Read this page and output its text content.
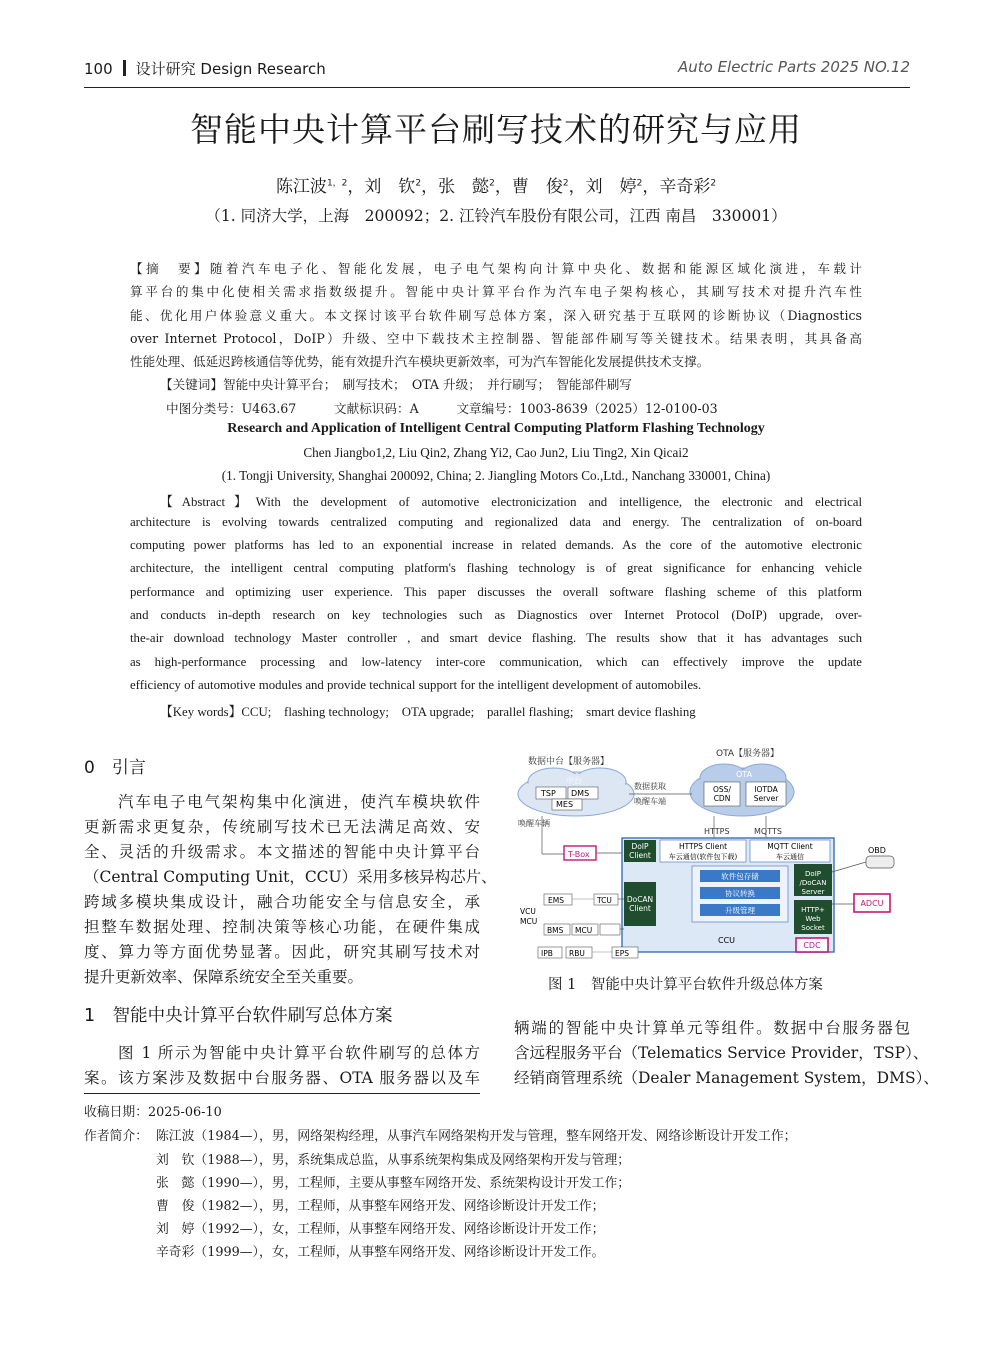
100 设计研究 Design Research	Auto Electric Parts 2025 NO.12
智能中央计算平台刷写技术的研究与应用
陈江波$^{1,2}$，刘　钦$^2$，张　懿$^2$，曹　俊$^2$，刘　婷$^2$，辛奇彩$^2$
（1. 同济大学，上海　200092；2. 江铃汽车股份有限公司，江西 南昌　330001）
【摘　要】随着汽车电子化、智能化发展，电子电气架构向计算中央化、数据和能源区域化演进，车载计
算平台的集中化使相关需求指数级提升。智能中央计算平台作为汽车电子架构核心，其刷写技术对提升汽车性
能、优化用户体验意义重大。本文探讨该平台软件刷写总体方案，深入研究基于互联网的诊断协议（Diagnostics
over Internet Protocol，DoIP）升级、空中下载技术主控制器、智能部件刷写等关键技术。结果表明，其具备高
性能处理、低延迟跨核通信等优势，能有效提升汽车模块更新效率，可为汽车智能化发展提供技术支撑。
【关键词】智能中央计算平台；　刷写技术；　OTA 升级；　并行刷写；　智能部件刷写
中图分类号：U463.67　　　文献标识码：A　　　文章编号：1003-8639（2025）12-0100-03
Research and Application of Intelligent Central Computing Platform Flashing Technology
Chen Jiangbo1,2, Liu Qin2, Zhang Yi2, Cao Jun2, Liu Ting2, Xin Qicai2
(1. Tongji University, Shanghai 200092, China; 2. Jiangling Motors Co.,Ltd., Nanchang 330001, China)
【Abstract】With the development of automotive electronicization and intelligence, the electronic and electrical
architecture is evolving towards centralized computing and regionalized data and energy. The centralization of on-board
computing power platforms has led to an exponential increase in related demands. As the core of the automotive electronic
architecture, the intelligent central computing platform's flashing technology is of great significance for enhancing vehicle
performance and optimizing user experience. This paper discusses the overall software flashing scheme of this platform
and conducts in-depth research on key technologies such as Diagnostics over Internet Protocol (DoIP) upgrade, over-
the-air download technology Master controller , and smart device flashing. The results show that it has advantages such
as high-performance processing and low-latency inter-core communication, which can effectively improve the update
efficiency of automotive modules and provide technical support for the intelligent development of automobiles.
【Key words】CCU;　flashing technology;　OTA upgrade;　parallel flashing;　smart device flashing
0　引言
汽车电子电气架构集中化演进，使汽车模块软件
更新需求更复杂，传统刷写技术已无法满足高效、安
全、灵活的升级需求。本文描述的智能中央计算平台
（Central Computing Unit，CCU）采用多核异构芯片、
跨域多模块集成设计，融合功能安全与信息安全，承
担整车数据处理、控制决策等核心功能，在硬件集成
度、算力等方面优势显著。因此，研究其刷写技术对
提升更新效率、保障系统安全至关重要。
1　智能中央计算平台软件刷写总体方案
图 1 所示为智能中央计算平台软件刷写的总体方
案。该方案涉及数据中台服务器、OTA 服务器以及车
辆端的智能中央计算单元等组件。数据中台服务器包
含远程服务平台（Telematics Service Provider，TSP）、
经销商管理系统（Dealer Management System，DMS）、
数据中台【服务器】
OTA【服务器】
中台
TSP DMS
MES
OTA
OSS/ CDN
IOTDA Server
数据获取
唤醒车端
唤醒车辆
HTTPS	MQTTS
T-Box
DoIP Client
HTTPS Client
车云通信(软件包下载)
MQTT Client
车云通信
软件包存储
协议转换
升级管理
DoIP /DoCAN Server
HTTP+ Web Socket
DoCAN Client
EMS	TCU
VCU
MCU
BMS MCU
IPB RBU	EPS
CCU
OBD
ADCU
CDC
图 1　智能中央计算平台软件升级总体方案
收稿日期：2025-06-10
作者简介： 陈江波（1984—），男，网络架构经理，从事汽车网络架构开发与管理，整车网络开发、网络诊断设计开发工作；
刘　钦（1988—），男，系统集成总监，从事系统架构集成及网络架构开发与管理；
张　懿（1990—），男，工程师，主要从事整车网络开发、系统架构设计开发工作；
曹　俊（1982—），男，工程师，从事整车网络开发、网络诊断设计开发工作；
刘　婷（1992—），女，工程师，从事整车网络开发、网络诊断设计开发工作；
辛奇彩（1999—），女，工程师，从事整车网络开发、网络诊断设计开发工作。
